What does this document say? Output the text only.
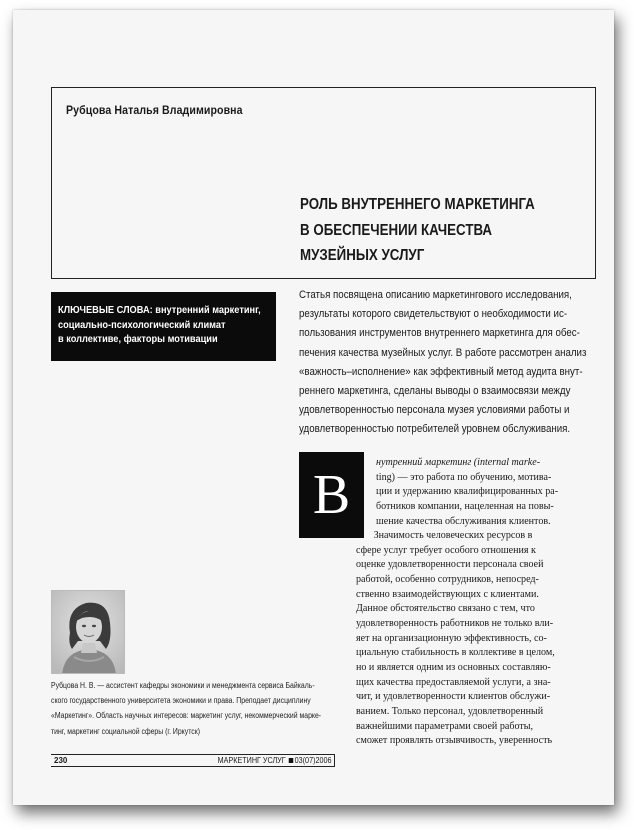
Рубцова Наталья Владимировна
РОЛЬ ВНУТРЕННЕГО МАРКЕТИНГА
В ОБЕСПЕЧЕНИИ КАЧЕСТВА
МУЗЕЙНЫХ УСЛУГ
КЛЮЧЕВЫЕ СЛОВА: внутренний маркетинг,
социально-психологический климат
в коллективе, факторы мотивации
Статья посвящена описанию маркетингового исследования,
результаты которого свидетельствуют о необходимости ис-
пользования инструментов внутреннего маркетинга для обес-
печения качества музейных услуг. В работе рассмотрен анализ
«важность–исполнение» как эффективный метод аудита внут-
реннего маркетинга, сделаны выводы о взаимосвязи между
удовлетворенностью персонала музея условиями работы и
удовлетворенностью потребителей уровнем обслуживания.
В
нутренний маркетинг (internal marke-
ting) — это работа по обучению, мотива-
ции и удержанию квалифицированных ра-
ботников компании, нацеленная на повы-
шение качества обслуживания клиентов.
Значимость человеческих ресурсов в
сфере услуг требует особого отношения к
оценке удовлетворенности персонала своей
работой, особенно сотрудников, непосред-
ственно взаимодействующих с клиентами.
Данное обстоятельство связано с тем, что
удовлетворенность работников не только вли-
яет на организационную эффективность, со-
циальную стабильность в коллективе в целом,
но и является одним из основных составляю-
щих качества предоставляемой услуги, а зна-
чит, и удовлетворенности клиентов обслужи-
ванием. Только персонал, удовлетворенный
важнейшими параметрами своей работы,
сможет проявлять отзывчивость, уверенность
Рубцова Н. В. — ассистент кафедры экономики и менеджмента сервиса Байкаль-
ского государственного университета экономики и права. Преподает дисциплину
«Маркетинг». Область научных интересов: маркетинг услуг, некоммерческий марке-
тинг, маркетинг социальной сферы (г. Иркутск)
230	МАРКЕТИНГ УСЛУГ 03(07)2006
